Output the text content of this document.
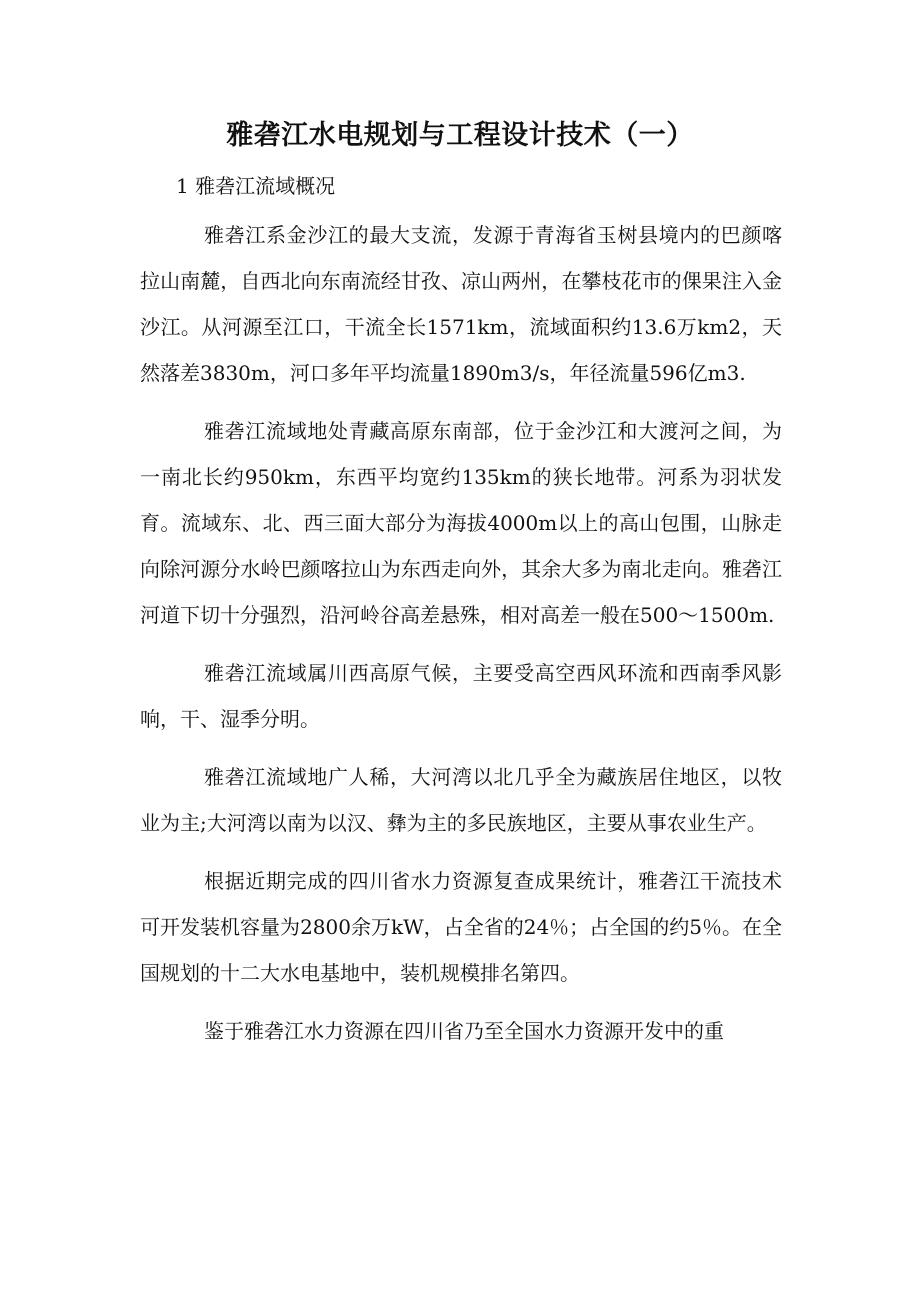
雅砻江水电规划与工程设计技术（一）
1 雅砻江流域概况

雅砻江系金沙江的最大支流，发源于青海省玉树县境内的巴颜喀拉山南麓，自西北向东南流经甘孜、凉山两州，在攀枝花市的倮果注入金沙江。从河源至江口，干流全长1571km，流域面积约13.6万km2，天然落差3830m，河口多年平均流量1890m3/s，年径流量596亿m3.

雅砻江流域地处青藏高原东南部，位于金沙江和大渡河之间，为一南北长约950km，东西平均宽约135km的狭长地带。河系为羽状发育。流域东、北、西三面大部分为海拔4000m以上的高山包围，山脉走向除河源分水岭巴颜喀拉山为东西走向外，其余大多为南北走向。雅砻江河道下切十分强烈，沿河岭谷高差悬殊，相对高差一般在500～1500m.

雅砻江流域属川西高原气候，主要受高空西风环流和西南季风影响，干、湿季分明。

雅砻江流域地广人稀，大河湾以北几乎全为藏族居住地区，以牧业为主;大河湾以南为以汉、彝为主的多民族地区，主要从事农业生产。

根据近期完成的四川省水力资源复查成果统计，雅砻江干流技术可开发装机容量为2800余万kW，占全省的24％；占全国的约5％。在全国规划的十二大水电基地中，装机规模排名第四。

鉴于雅砻江水力资源在四川省乃至全国水力资源开发中的重
